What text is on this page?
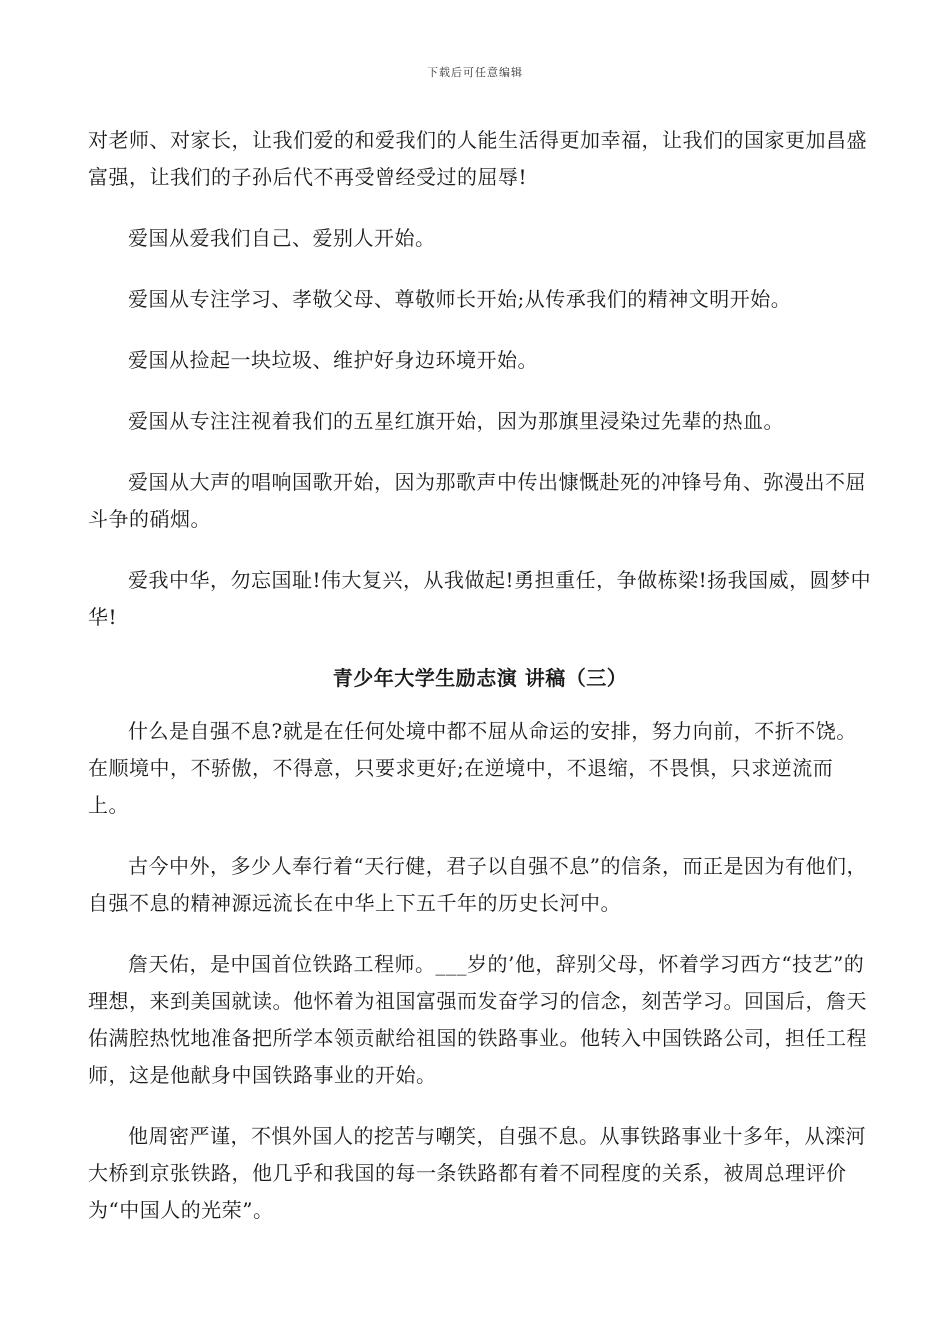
下载后可任意编辑

对老师、对家长，让我们爱的和爱我们的人能生活得更加幸福，让我们的国家更加昌盛富强，让我们的子孙后代不再受曾经受过的屈辱!

爱国从爱我们自己、爱别人开始。

爱国从专注学习、孝敬父母、尊敬师长开始;从传承我们的精神文明开始。

爱国从捡起一块垃圾、维护好身边环境开始。

爱国从专注注视着我们的五星红旗开始，因为那旗里浸染过先辈的热血。

爱国从大声的唱响国歌开始，因为那歌声中传出慷慨赴死的冲锋号角、弥漫出不屈斗争的硝烟。

爱我中华，勿忘国耻!伟大复兴，从我做起!勇担重任，争做栋梁!扬我国威，圆梦中华!

青少年大学生励志演 讲稿（三）

什么是自强不息?就是在任何处境中都不屈从命运的安排，努力向前，不折不饶。在顺境中，不骄傲，不得意，只要求更好;在逆境中，不退缩，不畏惧，只求逆流而上。

古今中外，多少人奉行着“天行健，君子以自强不息”的信条，而正是因为有他们，自强不息的精神源远流长在中华上下五千年的历史长河中。

詹天佑，是中国首位铁路工程师。___岁的’他，辞别父母，怀着学习西方“技艺”的理想，来到美国就读。他怀着为祖国富强而发奋学习的信念，刻苦学习。回国后，詹天佑满腔热忱地准备把所学本领贡献给祖国的铁路事业。他转入中国铁路公司，担任工程师，这是他献身中国铁路事业的开始。

他周密严谨，不惧外国人的挖苦与嘲笑，自强不息。从事铁路事业十多年，从滦河大桥到京张铁路，他几乎和我国的每一条铁路都有着不同程度的关系，被周总理评价为“中国人的光荣”。
